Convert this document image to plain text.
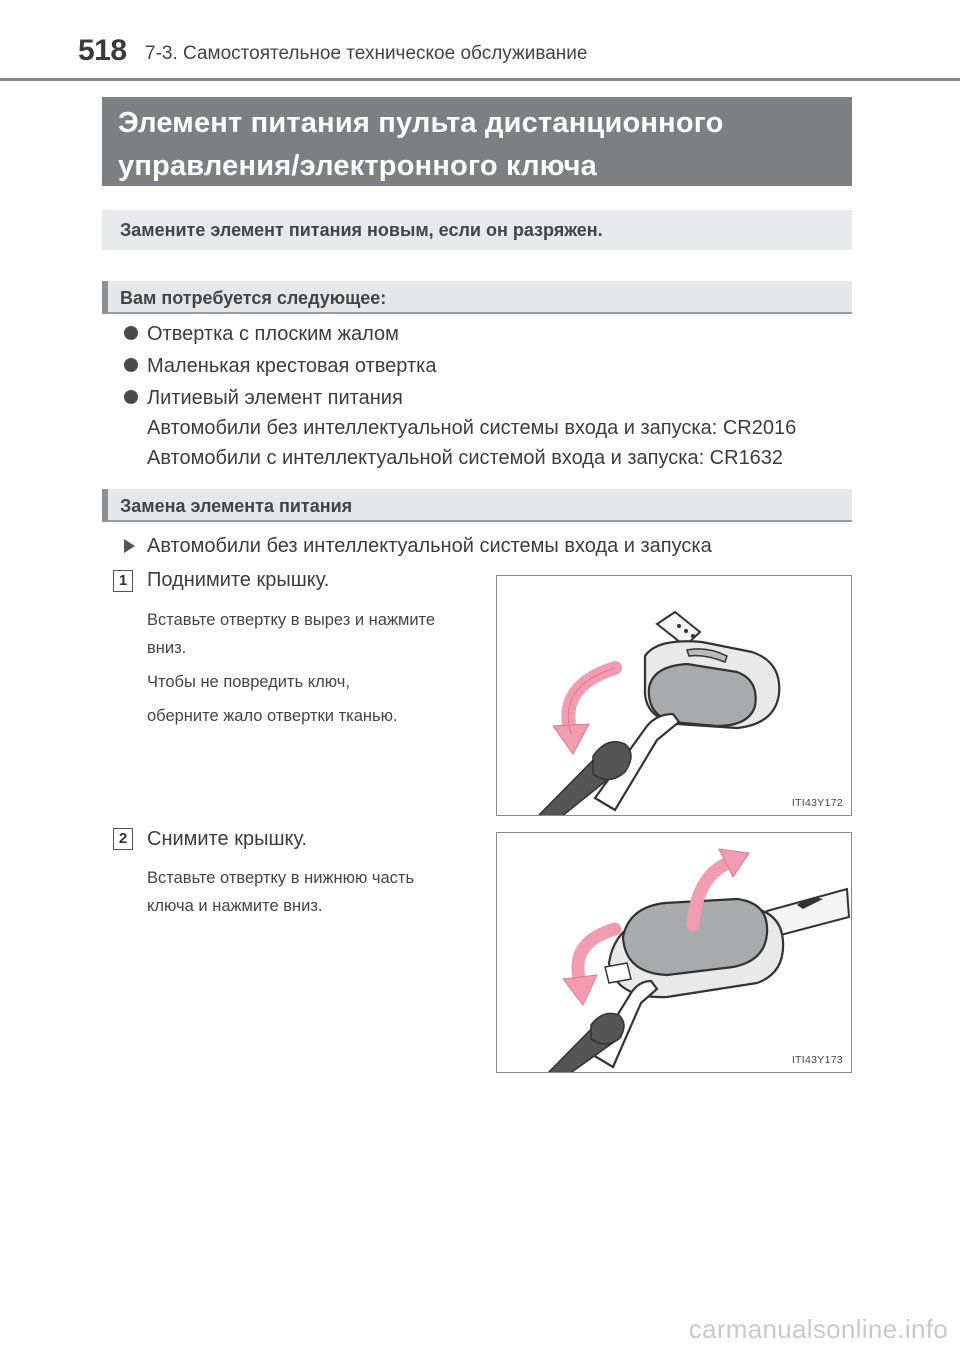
518 7-3. Самостоятельное техническое обслуживание
Элемент питания пульта дистанционного
управления/электронного ключа
Замените элемент питания новым, если он разряжен.
Вам потребуется следующее:
Отвертка с плоским жалом
Маленькая крестовая отвертка
Литиевый элемент питания
Автомобили без интеллектуальной системы входа и запуска: CR2016
Автомобили с интеллектуальной системой входа и запуска: CR1632
Замена элемента питания
Автомобили без интеллектуальной системы входа и запуска
1 Поднимите крышку.
Вставьте отвертку в вырез и нажмите
вниз.
Чтобы не повредить ключ,
оберните жало отвертки тканью.
ITI43Y172
2 Снимите крышку.
Вставьте отвертку в нижнюю часть
ключа и нажмите вниз.
ITI43Y173
carmanualsonline.info
